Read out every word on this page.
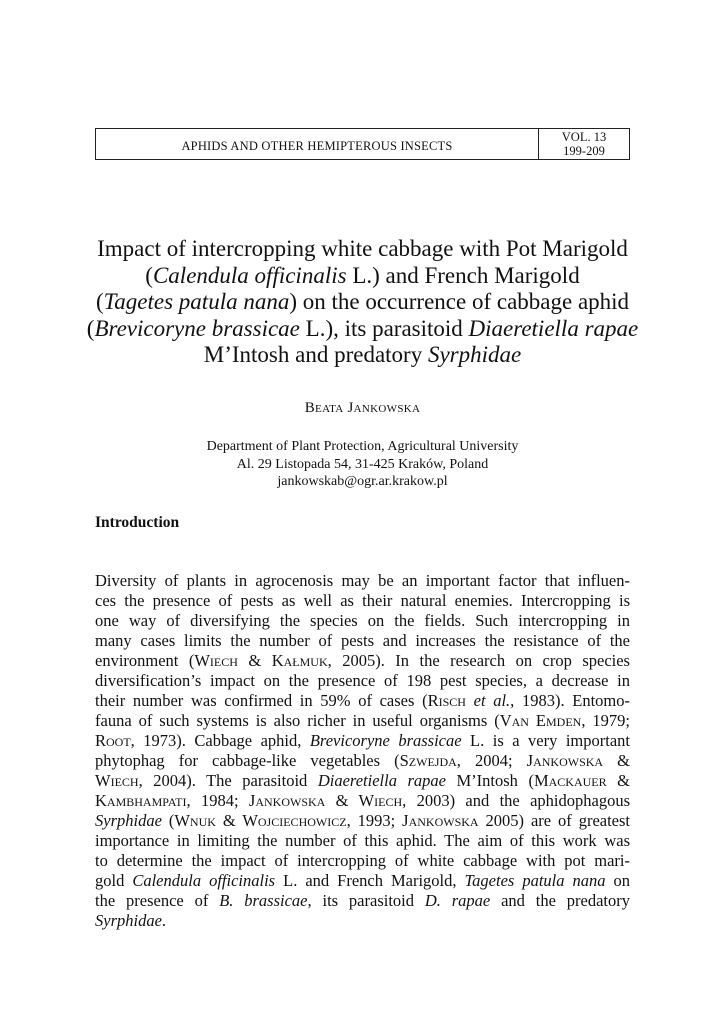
APHIDS AND OTHER HEMIPTEROUS INSECTS
VOL. 13
199-209
Impact of intercropping white cabbage with Pot Marigold
(Calendula officinalis L.) and French Marigold
(Tagetes patula nana) on the occurrence of cabbage aphid
(Brevicoryne brassicae L.), its parasitoid Diaeretiella rapae
M’Intosh and predatory Syrphidae
Beata Jankowska
Department of Plant Protection, Agricultural University
Al. 29 Listopada 54, 31-425 Kraków, Poland
jankowskab@ogr.ar.krakow.pl
Introduction
Diversity of plants in agrocenosis may be an important factor that influen-
ces the presence of pests as well as their natural enemies. Intercropping is
one way of diversifying the species on the fields. Such intercropping in
many cases limits the number of pests and increases the resistance of the
environment (Wiech & Kałmuk, 2005). In the research on crop species
diversification’s impact on the presence of 198 pest species, a decrease in
their number was confirmed in 59% of cases (Risch et al., 1983). Entomo-
fauna of such systems is also richer in useful organisms (Van Emden, 1979;
Root, 1973). Cabbage aphid, Brevicoryne brassicae L. is a very important
phytophag for cabbage-like vegetables (Szwejda, 2004; Jankowska &
Wiech, 2004). The parasitoid Diaeretiella rapae M’Intosh (Mackauer &
Kambhampati, 1984; Jankowska & Wiech, 2003) and the aphidophagous
Syrphidae (Wnuk & Wojciechowicz, 1993; Jankowska 2005) are of greatest
importance in limiting the number of this aphid. The aim of this work was
to determine the impact of intercropping of white cabbage with pot mari-
gold Calendula officinalis L. and French Marigold, Tagetes patula nana on
the presence of B. brassicae, its parasitoid D. rapae and the predatory
Syrphidae.
